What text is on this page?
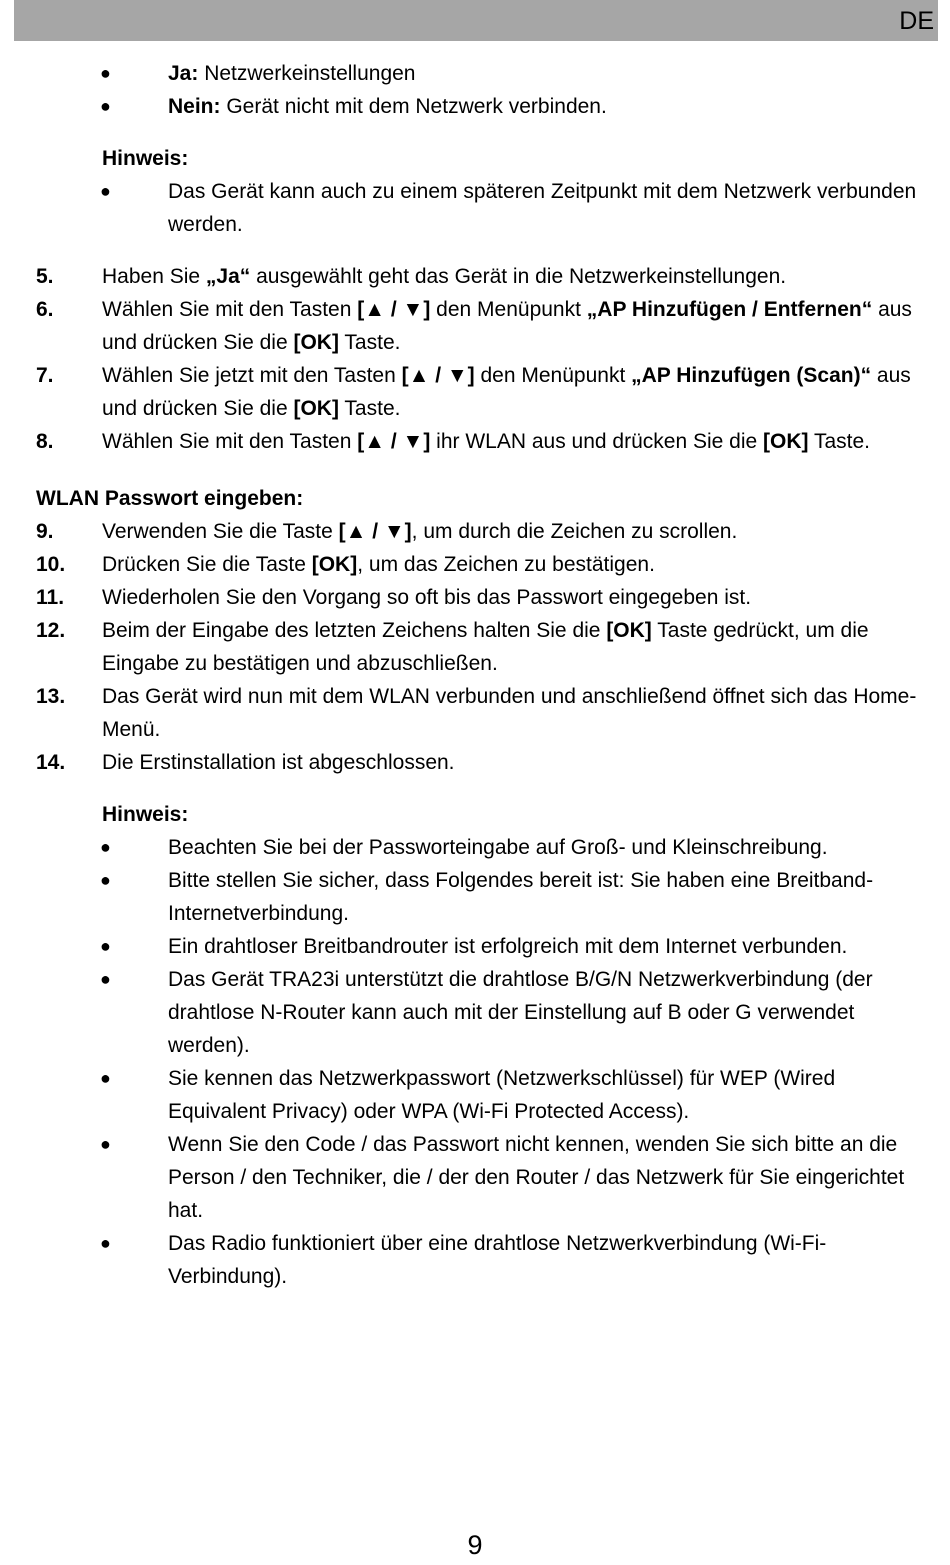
DE
●	Ja: Netzwerkeinstellungen
●	Nein: Gerät nicht mit dem Netzwerk verbinden.
Hinweis:
●	Das Gerät kann auch zu einem späteren Zeitpunkt mit dem Netzwerk verbunden werden.
5. Haben Sie „Ja“ ausgewählt geht das Gerät in die Netzwerkeinstellungen.
6. Wählen Sie mit den Tasten [▲ / ▼] den Menüpunkt „AP Hinzufügen / Entfernen“ aus und drücken Sie die [OK] Taste.
7. Wählen Sie jetzt mit den Tasten [▲ / ▼] den Menüpunkt „AP Hinzufügen (Scan)“ aus und drücken Sie die [OK] Taste.
8. Wählen Sie mit den Tasten [▲ / ▼] ihr WLAN aus und drücken Sie die [OK] Taste.
WLAN Passwort eingeben:
9. Verwenden Sie die Taste [▲ / ▼], um durch die Zeichen zu scrollen.
10. Drücken Sie die Taste [OK], um das Zeichen zu bestätigen.
11. Wiederholen Sie den Vorgang so oft bis das Passwort eingegeben ist.
12. Beim der Eingabe des letzten Zeichens halten Sie die [OK] Taste gedrückt, um die Eingabe zu bestätigen und abzuschließen.
13. Das Gerät wird nun mit dem WLAN verbunden und anschließend öffnet sich das Home-Menü.
14. Die Erstinstallation ist abgeschlossen.
Hinweis:
●	Beachten Sie bei der Passworteingabe auf Groß- und Kleinschreibung.
●	Bitte stellen Sie sicher, dass Folgendes bereit ist: Sie haben eine Breitband-Internetverbindung.
●	Ein drahtloser Breitbandrouter ist erfolgreich mit dem Internet verbunden.
●	Das Gerät TRA23i unterstützt die drahtlose B/G/N Netzwerkverbindung (der drahtlose N-Router kann auch mit der Einstellung auf B oder G verwendet werden).
●	Sie kennen das Netzwerkpasswort (Netzwerkschlüssel) für WEP (Wired Equivalent Privacy) oder WPA (Wi-Fi Protected Access).
●	Wenn Sie den Code / das Passwort nicht kennen, wenden Sie sich bitte an die Person / den Techniker, die / der den Router / das Netzwerk für Sie eingerichtet hat.
●	Das Radio funktioniert über eine drahtlose Netzwerkverbindung (Wi-Fi-Verbindung).
9
